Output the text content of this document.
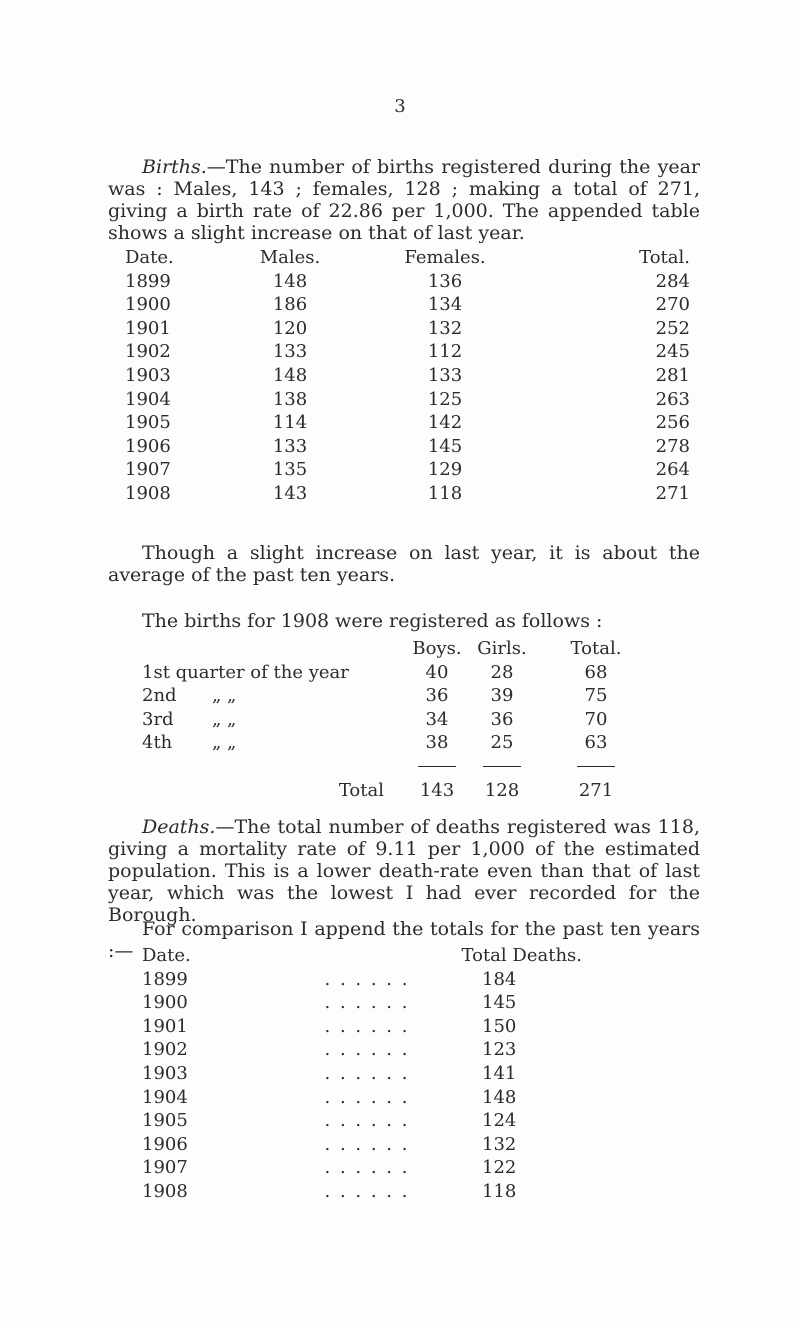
3

Births.—The number of births registered during the year was : Males, 143 ; females, 128 ; making a total of 271, giving a birth rate of 22.86 per 1,000. The appended table shows a slight increase on that of last year.

Date.	Males.	Females.	Total.
1899	148	136	284
1900	186	134	270
1901	120	132	252
1902	133	112	245
1903	148	133	281
1904	138	125	263
1905	114	142	256
1906	133	145	278
1907	135	129	264
1908	143	118	271

Though a slight increase on last year, it is about the average of the past ten years.

The births for 1908 were registered as follows :

	Boys.	Girls.	Total.
1st quarter of the year	40	28	68
2nd „ „	36	39	75
3rd „ „	34	36	70
4th „ „	38	25	63

Total	143	128	271

Deaths.—The total number of deaths registered was 118, giving a mortality rate of 9.11 per 1,000 of the estimated population. This is a lower death-rate even than that of last year, which was the lowest I had ever recorded for the Borough.

For comparison I append the totals for the past ten years :— Date.	Total Deaths.	
1899	. . . . . .	184
1900	. . . . . .	145
1901	. . . . . .	150
1902	. . . . . .	123
1903	. . . . . .	141
1904	. . . . . .	148
1905	. . . . . .	124
1906	. . . . . .	132
1907	. . . . . .	122
1908	. . . . . .	118
